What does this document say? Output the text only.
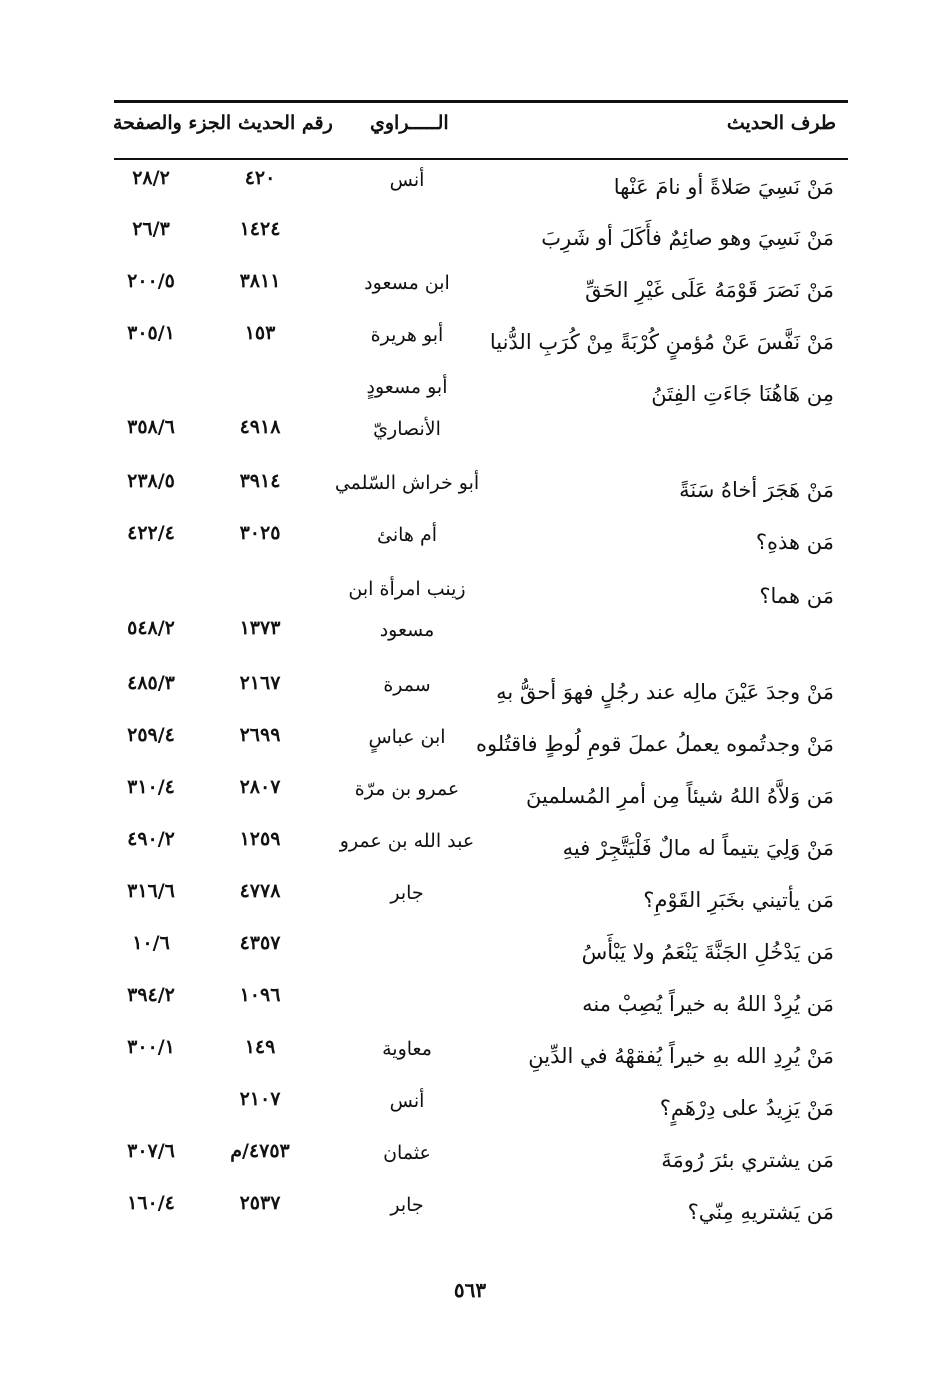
طرف الحديث
الـــــراوي
رقم الحديث
الجزء والصفحة
مَنْ نَسِيَ صَلاةً أو نامَ عَنْها
أنس
٤٢٠
٢٨/٢
مَنْ نَسِيَ وهو صائِمٌ فأَكَلَ أو شَرِبَ
١٤٢٤
٢٦/٣
مَنْ نَصَرَ قَوْمَهُ عَلَى غَيْرِ الحَقِّ
ابن مسعود
٣٨١١
٢٠٠/٥
مَنْ نَفَّسَ عَنْ مُؤمنٍ كُرْبَةً مِنْ كُرَبِ الدُّنيا
أبو هريرة
١٥٣
٣٠٥/١
مِن هَاهُنَا جَاءَتِ الفِتَنُ
أبو مسعودٍ
الأنصاريّ
٤٩١٨
٣٥٨/٦
مَنْ هَجَرَ أخاهُ سَنَةً
أبو خراش السّلمي
٣٩١٤
٢٣٨/٥
مَن هذهِ؟
أم هانئ
٣٠٢٥
٤٢٢/٤
مَن هما؟
زينب امرأة ابن
مسعود
١٣٧٣
٥٤٨/٢
مَنْ وجدَ عَيْنَ مالِه عند رجُلٍ فهوَ أحقُّ بهِ
سمرة
٢١٦٧
٤٨٥/٣
مَنْ وجدتُموه يعملُ عملَ قومِ لُوطٍ فاقتُلوه
ابن عباسٍ
٢٦٩٩
٢٥٩/٤
مَن وَلاَّهُ اللهُ شيئاً مِن أمرِ المُسلمينَ
عمرو بن مرّة
٢٨٠٧
٣١٠/٤
مَنْ وَلِيَ يتيماً له مالٌ فَلْيَتَّجِرْ فيهِ
عبد الله بن عمرو
١٢٥٩
٤٩٠/٢
مَن يأتيني بخَبَرِ القَوْمِ؟
جابر
٤٧٧٨
٣١٦/٦
مَن يَدْخُلِ الجَنَّةَ يَنْعَمُ ولا يَبْأَسُ
٤٣٥٧
١٠/٦
مَن يُرِدْ اللهُ به خيراً يُصِبْ منه
١٠٩٦
٣٩٤/٢
مَنْ يُرِدِ الله بهِ خيراً يُفقهْهُ في الدِّينِ
معاوية
١٤٩
٣٠٠/١
مَنْ يَزِيدُ على دِرْهَمٍ؟
أنس
٢١٠٧
مَن يشتري بئرَ رُومَةَ
عثمان
٤٧٥٣/م
٣٠٧/٦
مَن يَشتريهِ مِنّي؟
جابر
٢٥٣٧
١٦٠/٤
٥٦٣
